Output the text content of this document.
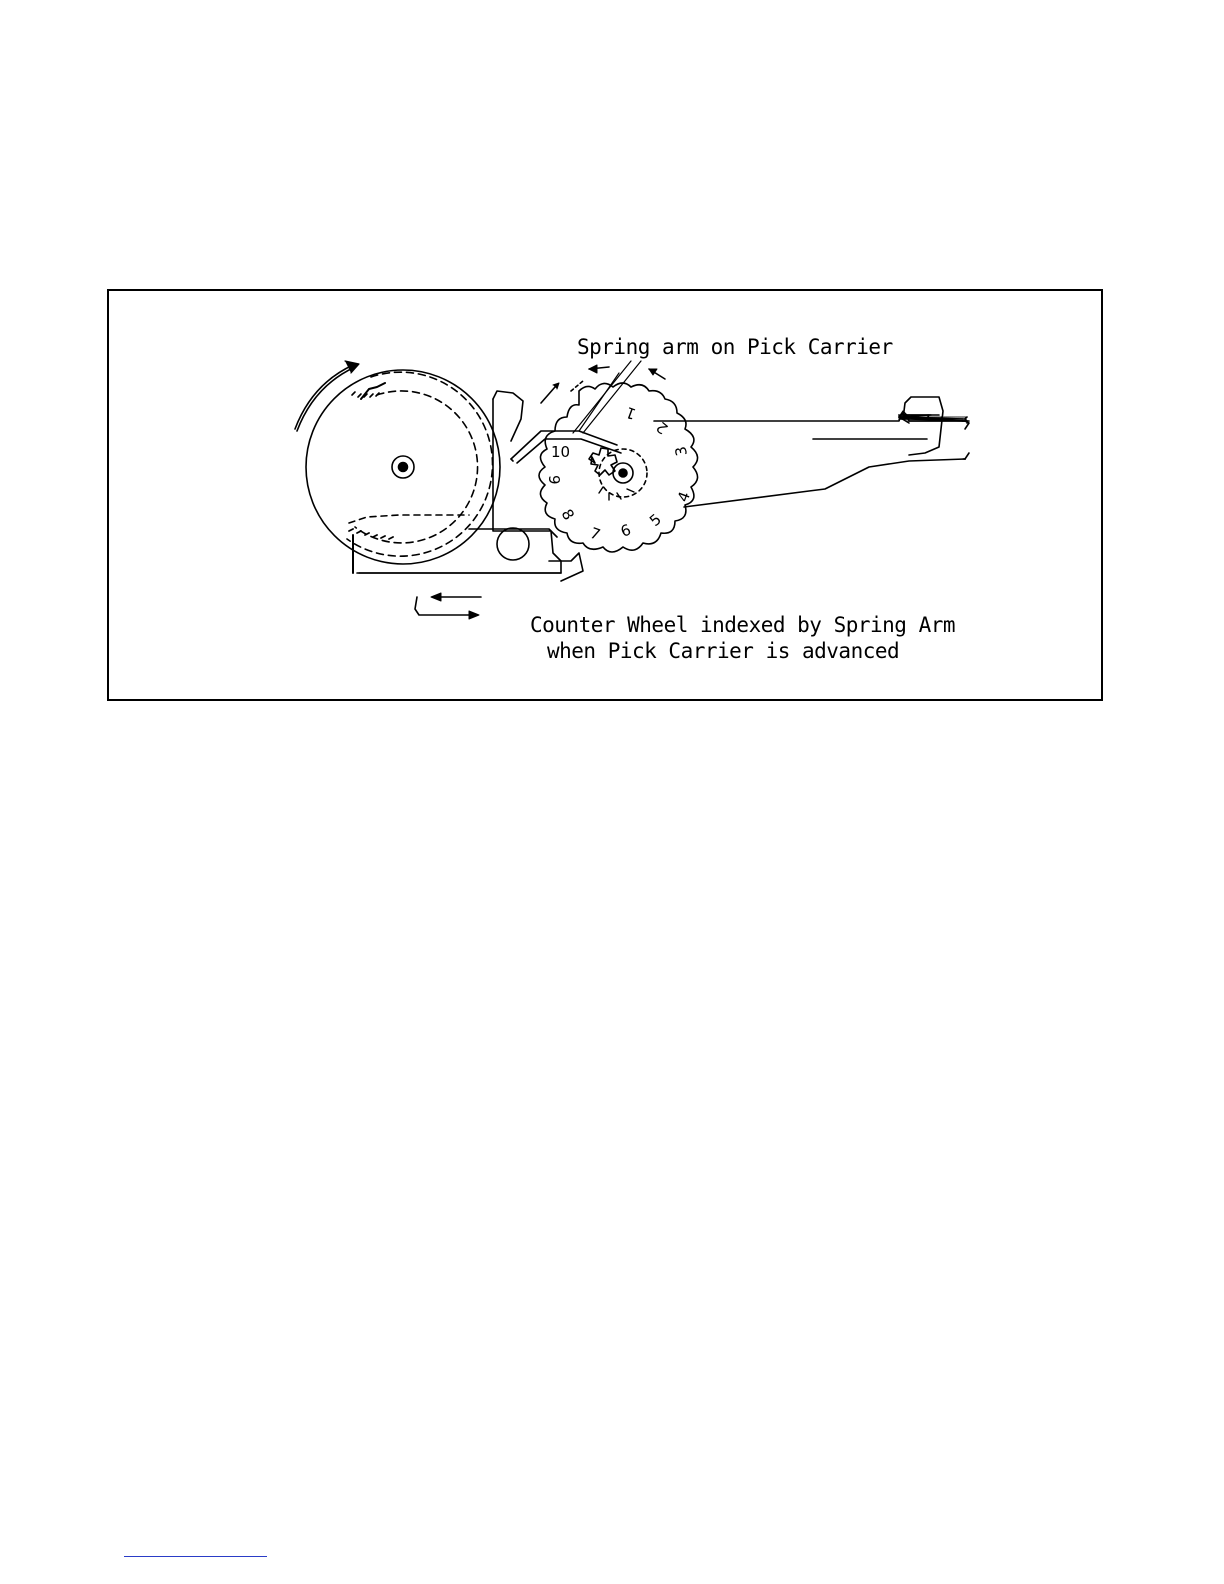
1
2
3
4
5
6
7
8
9
10
Spring arm on Pick Carrier
Counter Wheel indexed by Spring Arm
when Pick Carrier is advanced
